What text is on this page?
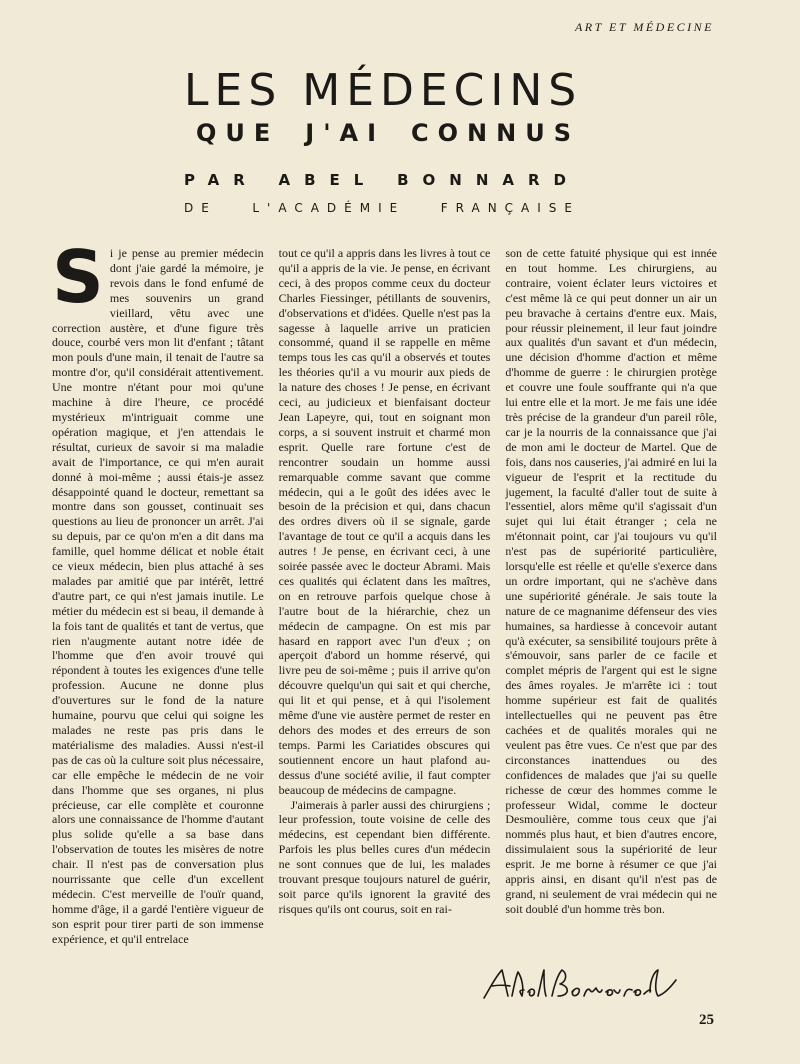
ART ET MÉDECINE
LES MÉDECINS
QUE J'AI CONNUS
PAR ABEL BONNARD
DE L'ACADÉMIE FRANÇAISE

Si je pense au premier médecin dont j'aie gardé la mémoire, je revois dans le fond enfumé de mes souvenirs un grand vieillard, vêtu avec une correction austère, et d'une figure très douce, courbé vers mon lit d'enfant ; tâtant mon pouls d'une main, il tenait de l'autre sa montre d'or, qu'il considérait attentivement. Une montre n'étant pour moi qu'une machine à dire l'heure, ce procédé mystérieux m'intriguait comme une opération magique, et j'en attendais le résultat, curieux de savoir si ma maladie avait de l'importance, ce qui m'en aurait donné à moi-même ; aussi étais-je assez désappointé quand le docteur, remettant sa montre dans son gousset, continuait ses questions au lieu de prononcer un arrêt. J'ai su depuis, par ce qu'on m'en a dit dans ma famille, quel homme délicat et noble était ce vieux médecin, bien plus attaché à ses malades par amitié que par intérêt, lettré d'autre part, ce qui n'est jamais inutile. Le métier du médecin est si beau, il demande à la fois tant de qualités et tant de vertus, que rien n'augmente autant notre idée de l'homme que d'en avoir trouvé qui répondent à toutes les exigences d'une telle profession. Aucune ne donne plus d'ouvertures sur le fond de la nature humaine, pourvu que celui qui soigne les malades ne reste pas pris dans le matérialisme des maladies. Aussi n'est-il pas de cas où la culture soit plus nécessaire, car elle empêche le médecin de ne voir dans l'homme que ses organes, ni plus précieuse, car elle complète et couronne alors une connaissance de l'homme d'autant plus solide qu'elle a sa base dans l'observation de toutes les misères de notre chair. Il n'est pas de conversation plus nourrissante que celle d'un excellent médecin. C'est merveille de l'ouïr quand, homme d'âge, il a gardé l'entière vigueur de son esprit pour tirer parti de son immense expérience, et qu'il entrelace

tout ce qu'il a appris dans les livres à tout ce qu'il a appris de la vie. Je pense, en écrivant ceci, à des propos comme ceux du docteur Charles Fiessinger, pétillants de souvenirs, d'observations et d'idées. Quelle n'est pas la sagesse à laquelle arrive un praticien consommé, quand il se rappelle en même temps tous les cas qu'il a observés et toutes les théories qu'il a vu mourir aux pieds de la nature des choses ! Je pense, en écrivant ceci, au judicieux et bienfaisant docteur Jean Lapeyre, qui, tout en soignant mon corps, a si souvent instruit et charmé mon esprit. Quelle rare fortune c'est de rencontrer soudain un homme aussi remarquable comme savant que comme médecin, qui a le goût des idées avec le besoin de la précision et qui, dans chacun des ordres divers où il se signale, garde l'avantage de tout ce qu'il a acquis dans les autres ! Je pense, en écrivant ceci, à une soirée passée avec le docteur Abrami. Mais ces qualités qui éclatent dans les maîtres, on en retrouve parfois quelque chose à l'autre bout de la hiérarchie, chez un médecin de campagne. On est mis par hasard en rapport avec l'un d'eux ; on aperçoit d'abord un homme réservé, qui livre peu de soi-même ; puis il arrive qu'on découvre quelqu'un qui sait et qui cherche, qui lit et qui pense, et à qui l'isolement même d'une vie austère permet de rester en dehors des modes et des erreurs de son temps. Parmi les Cariatides obscures qui soutiennent encore un haut plafond au-dessus d'une société avilie, il faut compter beaucoup de médecins de campagne.

J'aimerais à parler aussi des chirurgiens ; leur profession, toute voisine de celle des médecins, est cependant bien différente. Parfois les plus belles cures d'un médecin ne sont connues que de lui, les malades trouvant presque toujours naturel de guérir, soit parce qu'ils ignorent la gravité des risques qu'ils ont courus, soit en rai-

son de cette fatuité physique qui est innée en tout homme. Les chirurgiens, au contraire, voient éclater leurs victoires et c'est même là ce qui peut donner un air un peu bravache à certains d'entre eux. Mais, pour réussir pleinement, il leur faut joindre aux qualités d'un savant et d'un médecin, une décision d'homme d'action et même d'homme de guerre : le chirurgien protège et couvre une foule souffrante qui n'a que lui entre elle et la mort. Je me fais une idée très précise de la grandeur d'un pareil rôle, car je la nourris de la connaissance que j'ai de mon ami le docteur de Martel. Que de fois, dans nos causeries, j'ai admiré en lui la vigueur de l'esprit et la rectitude du jugement, la faculté d'aller tout de suite à l'essentiel, alors même qu'il s'agissait d'un sujet qui lui était étranger ; cela ne m'étonnait point, car j'ai toujours vu qu'il n'est pas de supériorité particulière, lorsqu'elle est réelle et qu'elle s'exerce dans un ordre important, qui ne s'achève dans une supériorité générale. Je sais toute la nature de ce magnanime défenseur des vies humaines, sa hardiesse à concevoir autant qu'à exécuter, sa sensibilité toujours prête à s'émouvoir, sans parler de ce facile et complet mépris de l'argent qui est le signe des âmes royales. Je m'arrête ici : tout homme supérieur est fait de qualités intellectuelles qui ne peuvent pas être cachées et de qualités morales qui ne veulent pas être vues. Ce n'est que par des circonstances inattendues ou des confidences de malades que j'ai su quelle richesse de cœur des hommes comme le professeur Widal, comme le docteur Desmoulière, comme tous ceux que j'ai nommés plus haut, et bien d'autres encore, dissimulaient sous la supériorité de leur esprit. Je me borne à résumer ce que j'ai appris ainsi, en disant qu'il n'est pas de grand, ni seulement de vrai médecin qui ne soit doublé d'un homme très bon.

25
